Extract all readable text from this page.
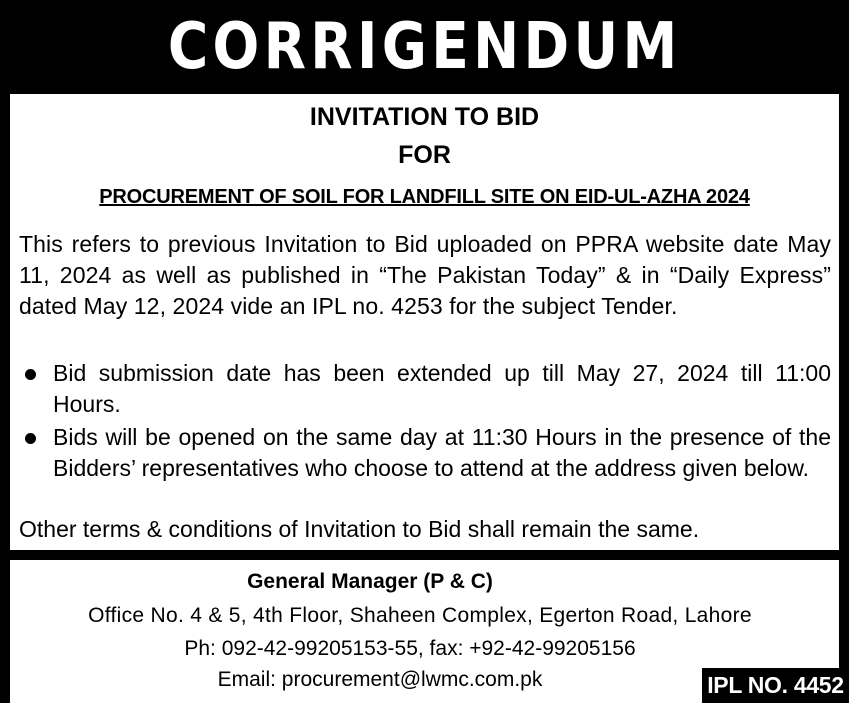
CORRIGENDUM
INVITATION TO BID
FOR
PROCUREMENT OF SOIL FOR LANDFILL SITE ON EID-UL-AZHA 2024
This refers to previous Invitation to Bid uploaded on PPRA website date May 11, 2024 as well as published in “The Pakistan Today” & in “Daily Express” dated May 12, 2024 vide an IPL no. 4253 for the subject Tender.
Bid submission date has been extended up till May 27, 2024 till 11:00 Hours.
Bids will be opened on the same day at 11:30 Hours in the presence of the Bidders’ representatives who choose to attend at the address given below.
Other terms & conditions of Invitation to Bid shall remain the same.
General Manager (P & C)
Office No. 4 & 5, 4th Floor, Shaheen Complex, Egerton Road, Lahore
Ph: 092-42-99205153-55, fax: +92-42-99205156
Email: procurement@lwmc.com.pk	IPL NO. 4452
